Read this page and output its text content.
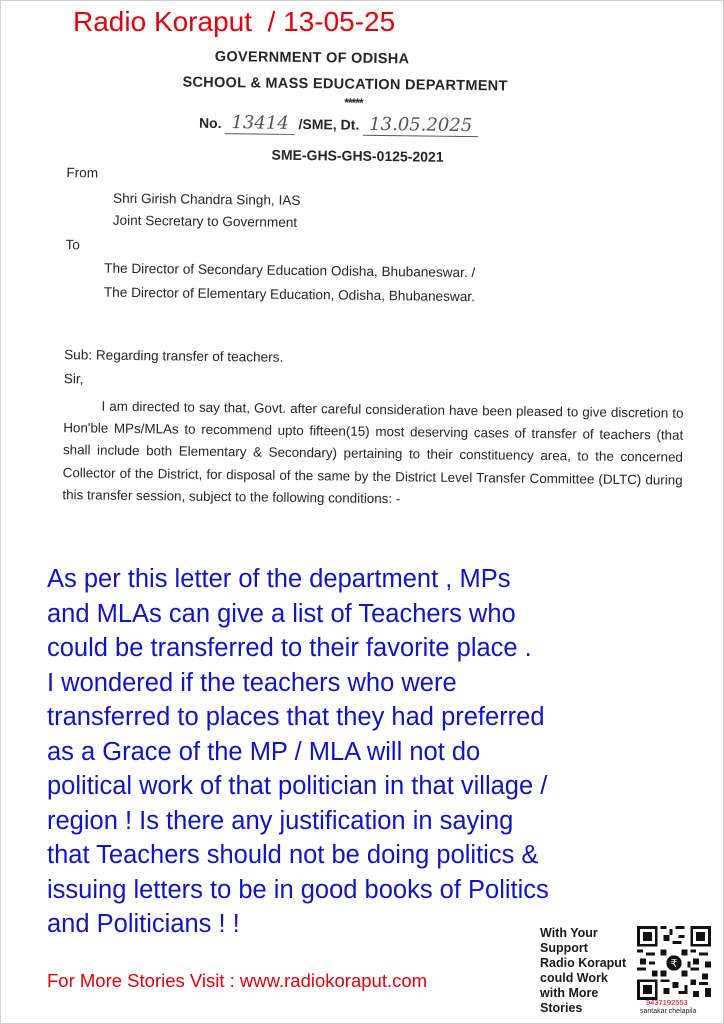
Radio Koraput  / 13-05-25
GOVERNMENT OF ODISHA
SCHOOL & MASS EDUCATION DEPARTMENT
*****
No. 13414 /SME, Dt. 13.05.2025
SME-GHS-GHS-0125-2021
From
Shri Girish Chandra Singh, IAS
Joint Secretary to Government
To
The Director of Secondary Education Odisha, Bhubaneswar. /
The Director of Elementary Education, Odisha, Bhubaneswar.
Sub: Regarding transfer of teachers.
Sir,

I am directed to say that, Govt. after careful consideration have been pleased to give discretion to Hon'ble MPs/MLAs to recommend upto fifteen(15) most deserving cases of transfer of teachers (that shall include both Elementary & Secondary) pertaining to their constituency area, to the concerned Collector of the District, for disposal of the same by the District Level Transfer Committee (DLTC) during this transfer session, subject to the following conditions: -

As per this letter of the department , MPs
and MLAs can give a list of Teachers who
could be transferred to their favorite place .
I wondered if the teachers who were
transferred to places that they had preferred
as a Grace of the MP / MLA will not do
political work of that politician in that village /
region ! Is there any justification in saying
that Teachers should not be doing politics &
issuing letters to be in good books of Politics
and Politicians ! !
For More Stories Visit : www.radiokoraput.com
With Your
Support
Radio Koraput
could Work
with More
Stories
₹
9437192553
santakar chelapila
